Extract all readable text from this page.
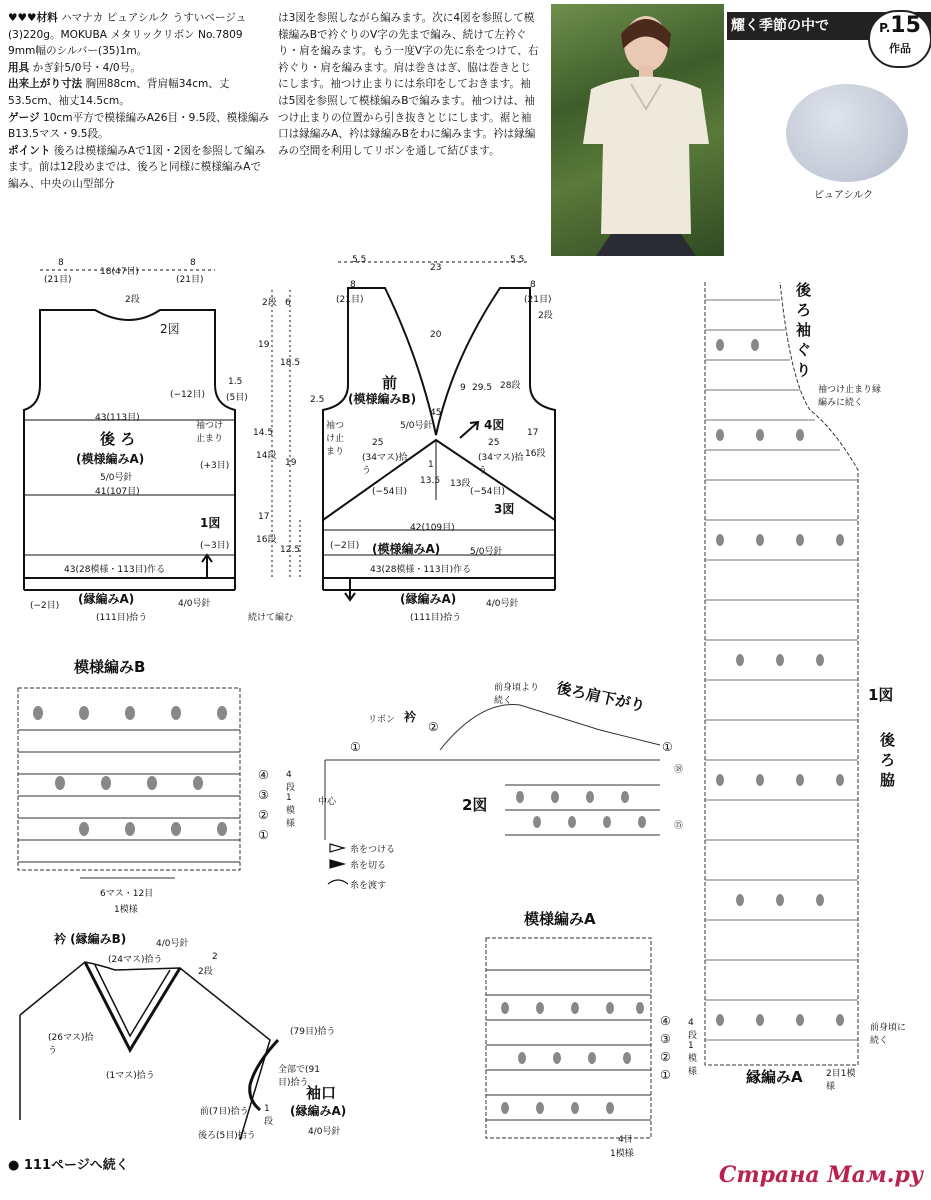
♥♥♥材料 ハマナカ ピュアシルク うすいベージュ(3)220g。MOKUBA メタリックリボン No.7809 9mm幅のシルバー(35)1m。

用具 かぎ針5/0号・4/0号。

出来上がり寸法 胸囲88cm、背肩幅34cm、丈53.5cm、袖丈14.5cm。

ゲージ 10cm平方で模様編みA26目・9.5段、模様編みB13.5マス・9.5段。

ポイント 後ろは模様編みAで1図・2図を参照して編みます。前は12段めまでは、後ろと同様に模様編みAで編み、中央の山型部分

は3図を参照しながら編みます。次に4図を参照して模様編みBで衿ぐりのV字の先まで編み、続けて左衿ぐり・肩を編みます。もう一度V字の先に糸をつけて、右衿ぐり・肩を編みます。肩は巻きはぎ、脇は巻きとじにします。袖つけ止まりには糸印をしておきます。袖は5図を参照して模様編みBで編みます。袖つけは、袖つけ止まりの位置から引き抜きとじにします。裾と袖口は縁編みA、衿は縁編みBをわに編みます。衿は縁編みの空間を利用してリボンを通して結びます。

耀く季節の中で	P.15
作品
ピュアシルク
8
(21目)
18(47目)
8
(21目)
2段
2図
(−12目)
1.5
(5目)
43(113目)
後 ろ
(模様編みA)
袖つけ止まり
(+3目)
5/0号針
41(107目)
1図
(−3目)
43(28模様・113目)作る
(−2目) (縁編みA)	4/0号針
(111目)拾う	続けて編む
2段 6
19
18.5
14.5
14段
19
17
16段
12.5
5.5
23
5.5
8
(21目)
8
(21目)
2段
20
前
(模様編みB)
9 29.5 28段
2.5
45
4図
袖つけ止まり
5/0号針
17
16段
25
(34マス)拾う
25
(34マス)拾う
1
13.5 13段
(−54目)	(−54目)
3図
42(109目)
(−2目) (模様編みA)	5/0号針
43(28模様・113目)作る
(縁編みA)	4/0号針
(111目)拾う
模様編みB
④
③
②
①
4段1模様
6マス・12目
1模様
糸をつける
糸を切る
糸を渡す
前身頃より続く	後ろ肩下がり
リボン 衿
②
①	①
⑱
中心	2図
⑮
模様編みA
④
③
②
①
4段1模様
4目
1模様
衿 (縁編みB)	4/0号針
(24マス)拾う	2
2段
(26マス)拾う
(1マス)拾う
(79目)拾う
全部で(91目)拾う
袖口
(縁編みA)
4/0号針
前(7目)拾う
後ろ(5目)拾う
1段
後ろ袖ぐり
袖つけ止まり縁編みに続く
1図
後ろ脇
前身頃に続く
縁編みA	2目1模様
● 111ページへ続く	Страна Мам.ру
